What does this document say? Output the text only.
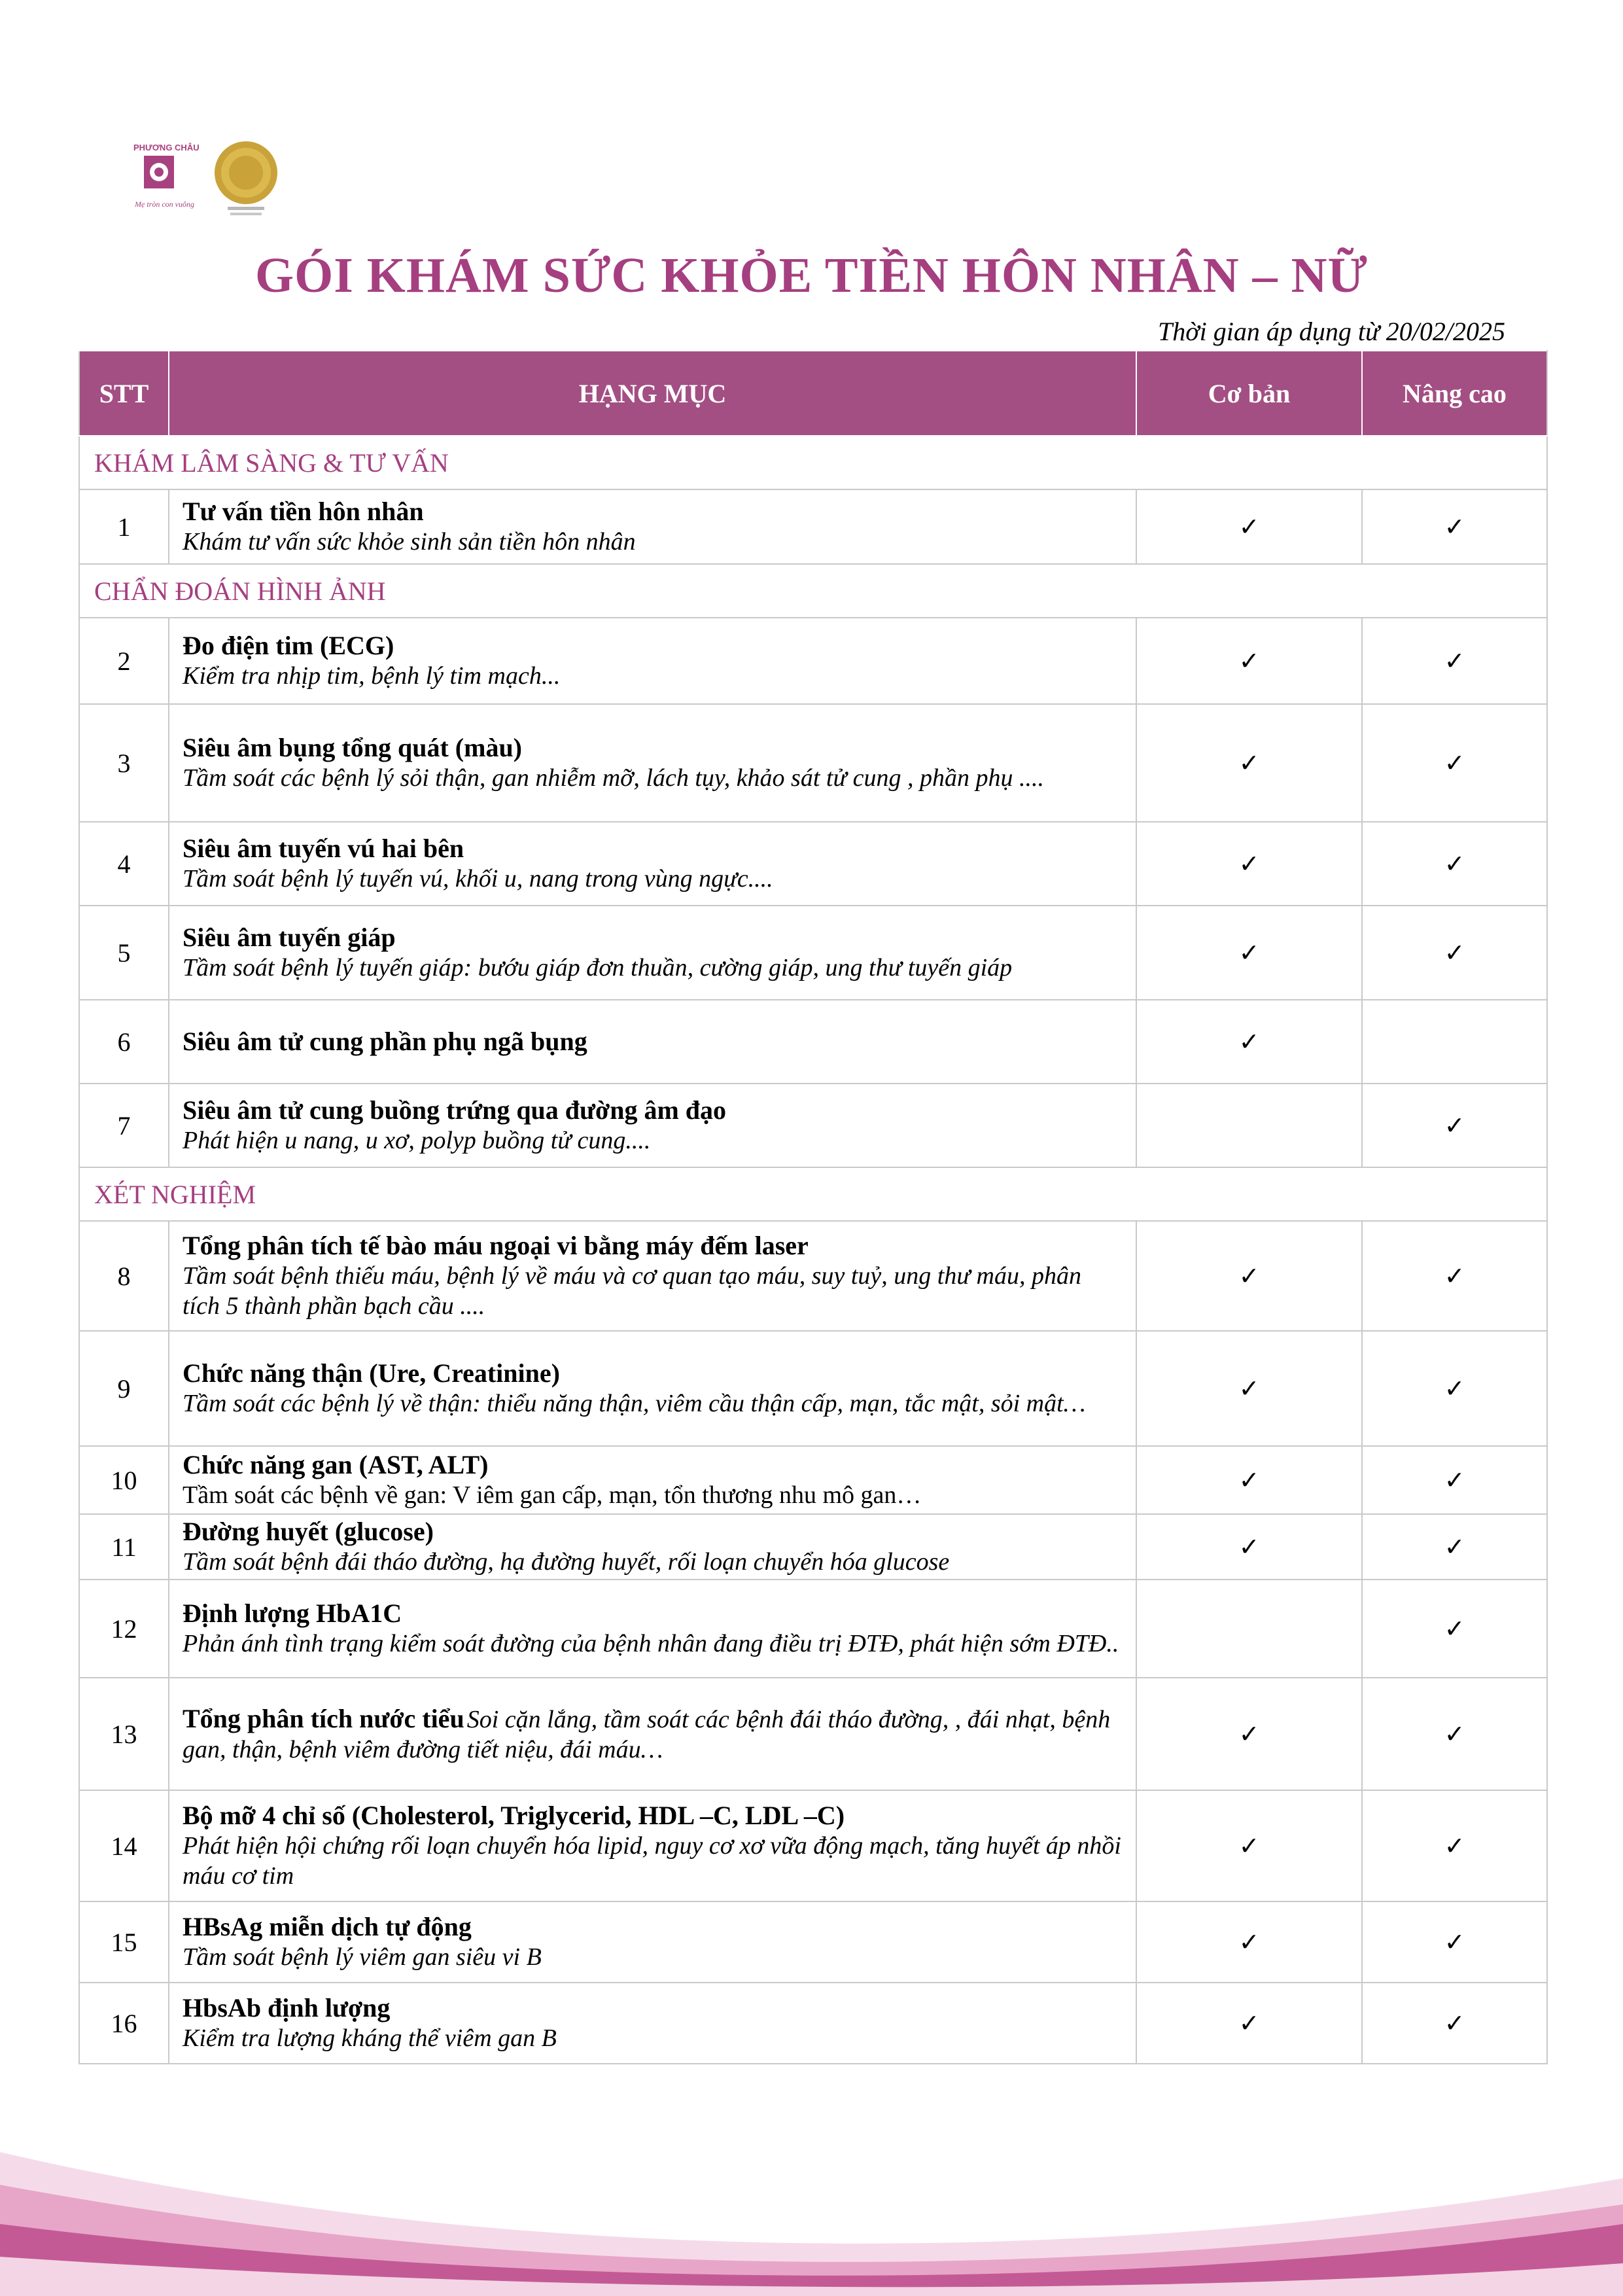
PHƯƠNG CHÂU
Mẹ tròn con vuông
GÓI KHÁM SỨC KHỎE TIỀN HÔN NHÂN – NỮ
Thời gian áp dụng từ 20/02/2025
STT	HẠNG MỤC	Cơ bản	Nâng cao
KHÁM LÂM SÀNG & TƯ VẤN			
1	Tư vấn tiền hôn nhân
Khám tư vấn sức khỏe sinh sản tiền hôn nhân	✓	✓
CHẨN ĐOÁN HÌNH ẢNH			
2	Đo điện tim (ECG)
Kiểm tra nhịp tim, bệnh lý tim mạch...	✓	✓
3	Siêu âm bụng tổng quát (màu)
Tầm soát các bệnh lý sỏi thận, gan nhiễm mỡ, lách tụy, khảo sát tử cung , phần phụ ....	✓	✓
4	Siêu âm tuyến vú hai bên
Tầm soát bệnh lý tuyến vú, khối u, nang trong vùng ngực....	✓	✓
5	Siêu âm tuyến giáp
Tầm soát bệnh lý tuyến giáp: bướu giáp đơn thuần, cường giáp, ung thư tuyến giáp	✓	✓
6	Siêu âm tử cung phần phụ ngã bụng	✓	
7	Siêu âm tử cung buồng trứng qua đường âm đạo
Phát hiện u nang, u xơ, polyp buồng tử cung....		✓
XÉT NGHIỆM			
8	Tổng phân tích tế bào máu ngoại vi bằng máy đếm laser
Tầm soát bệnh thiếu máu, bệnh lý về máu và cơ quan tạo máu, suy tuỷ, ung thư máu, phân tích 5 thành phần bạch cầu ....	✓	✓
9	Chức năng thận (Ure, Creatinine)
Tầm soát các bệnh lý về thận: thiểu năng thận, viêm cầu thận cấp, mạn, tắc mật, sỏi mật…	✓	✓
10	Chức năng gan (AST, ALT)
Tầm soát các bệnh về gan: V iêm gan cấp, mạn, tổn thương nhu mô gan…	✓	✓
11	Đường huyết (glucose)
Tầm soát bệnh đái tháo đường, hạ đường huyết, rối loạn chuyển hóa glucose	✓	✓
12	Định lượng HbA1C
Phản ánh tình trạng kiểm soát đường của bệnh nhân đang điều trị ĐTĐ, phát hiện sớm ĐTĐ..		✓
13	Tổng phân tích nước tiểu Soi cặn lắng, tầm soát các bệnh đái tháo đường, , đái nhạt, bệnh gan, thận, bệnh viêm đường tiết niệu, đái máu…	✓	✓
14	Bộ mỡ 4 chỉ số (Cholesterol, Triglycerid, HDL –C, LDL –C)
Phát hiện hội chứng rối loạn chuyển hóa lipid, nguy cơ xơ vữa động mạch, tăng huyết áp nhồi máu cơ tim	✓	✓
15	HBsAg miễn dịch tự động
Tầm soát bệnh lý viêm gan siêu vi B	✓	✓
16	HbsAb định lượng
Kiểm tra lượng kháng thể viêm gan B	✓	✓
